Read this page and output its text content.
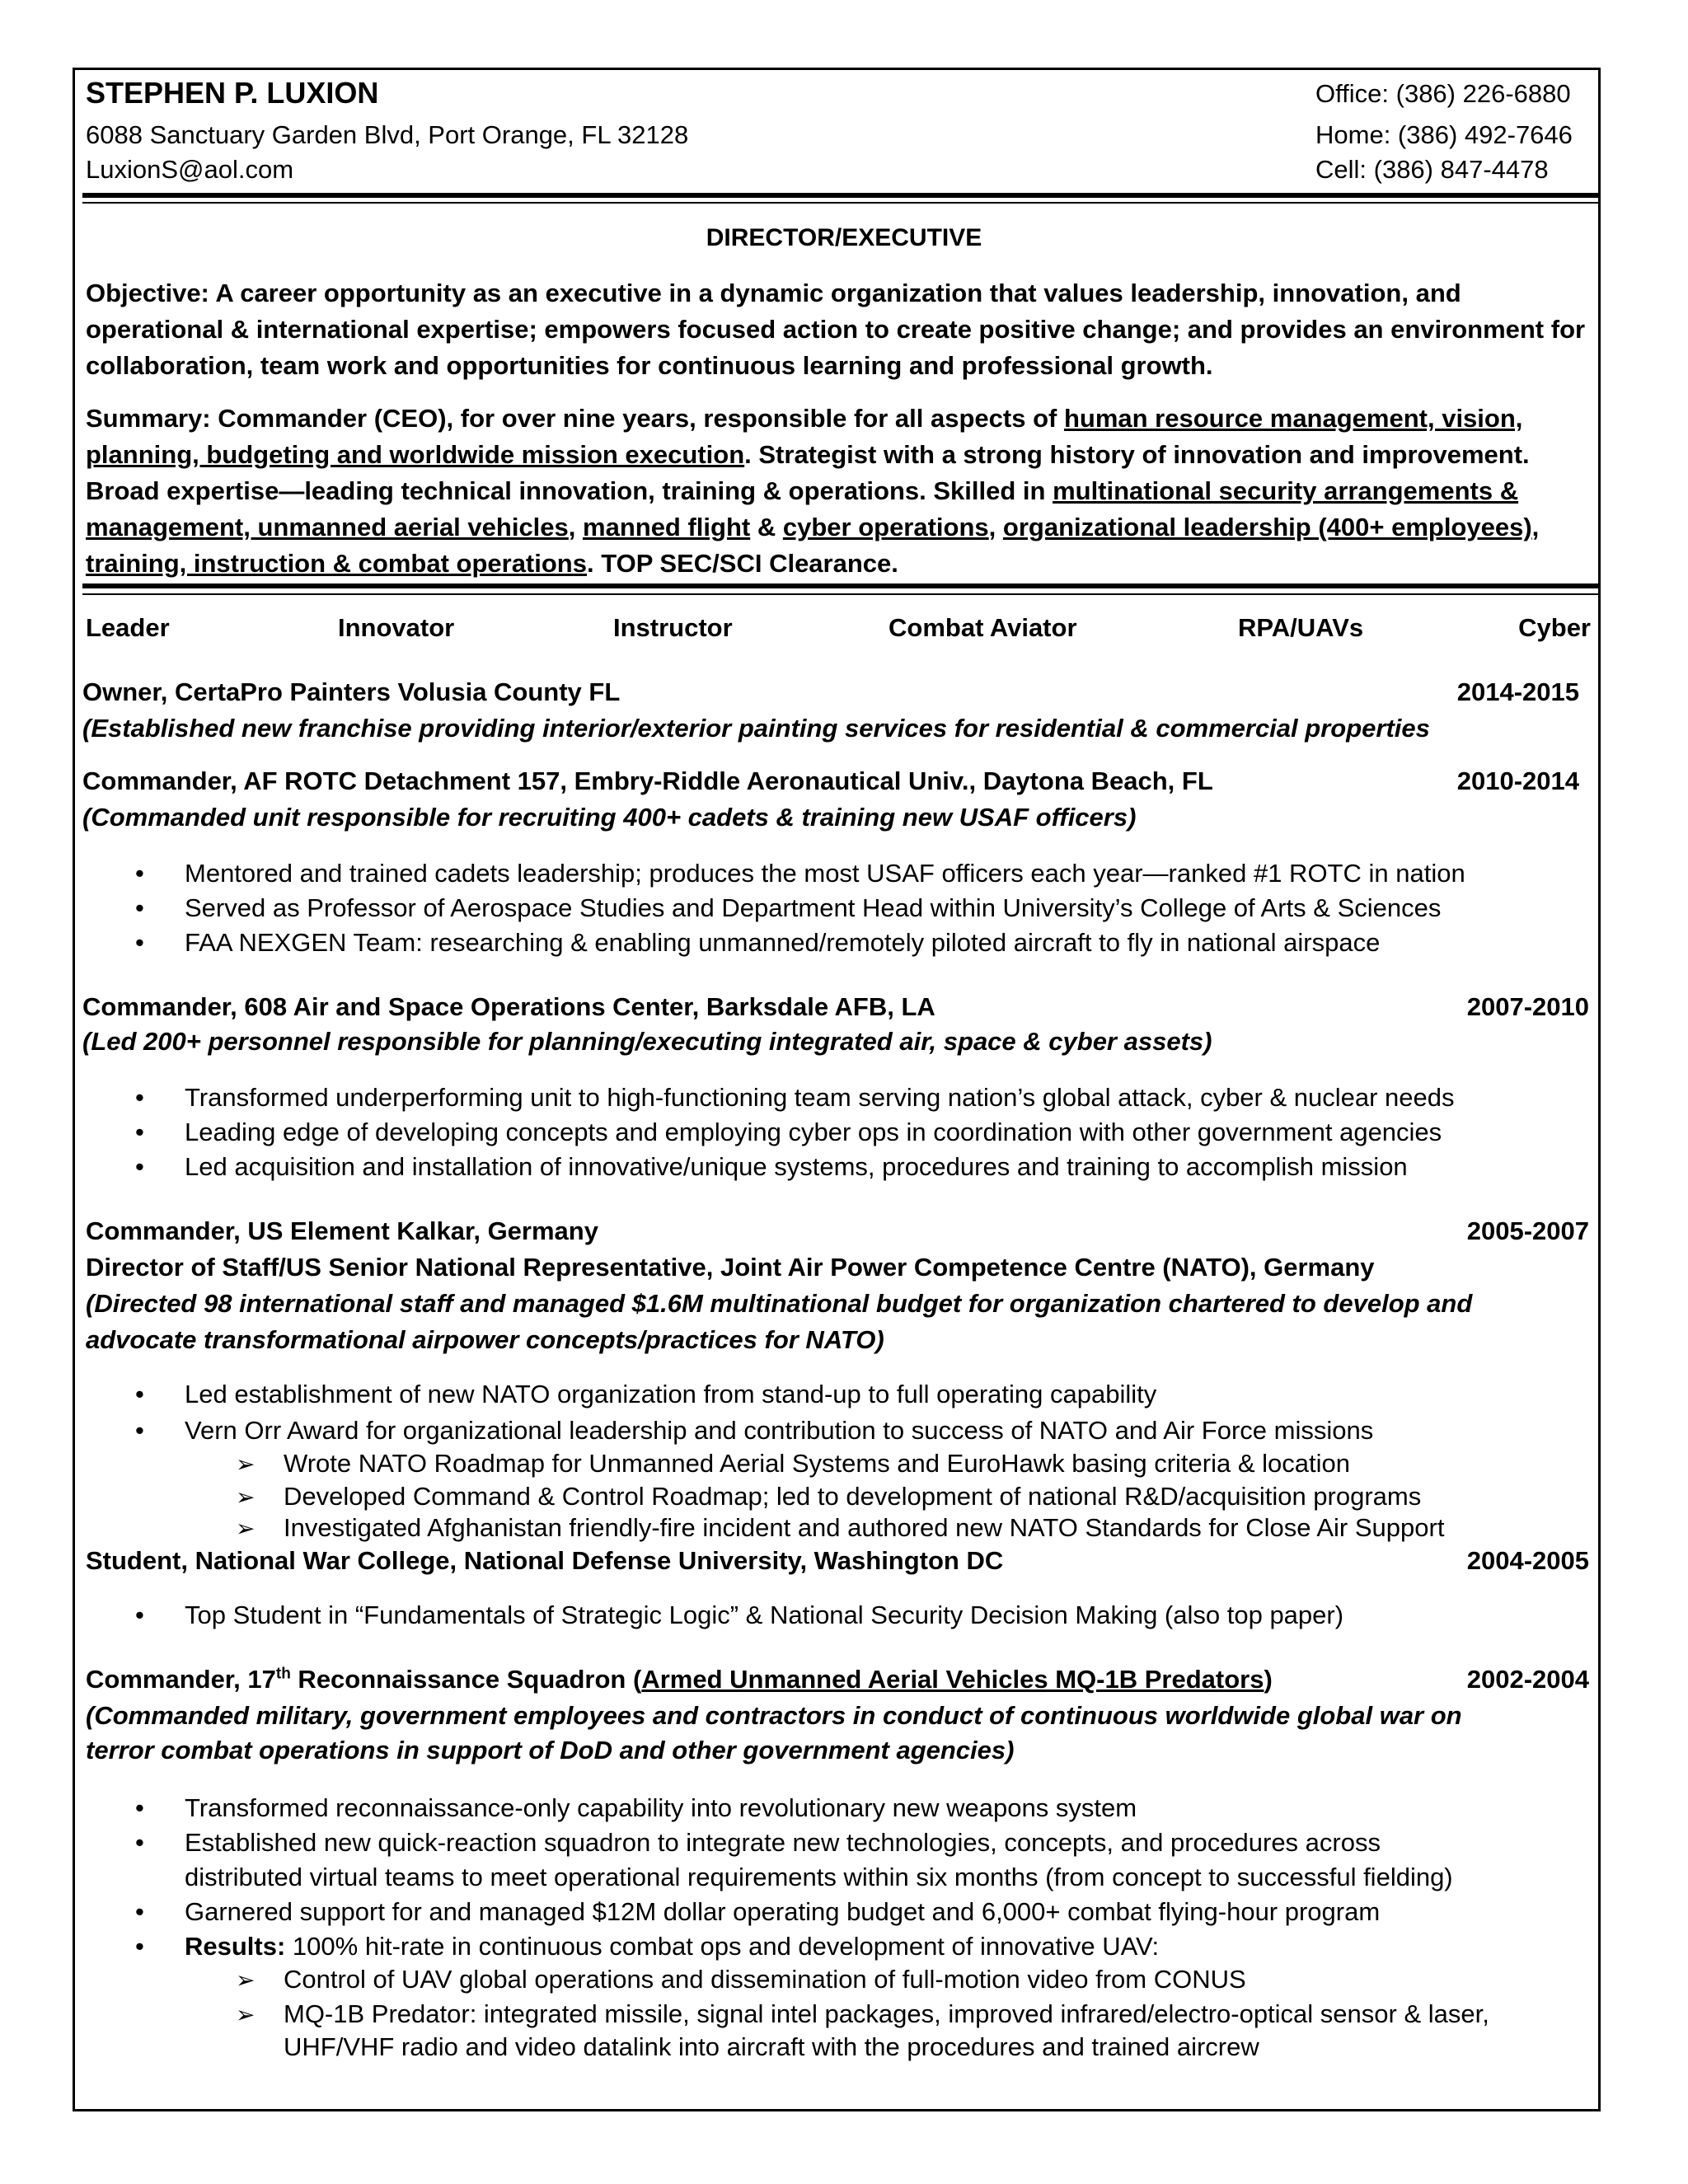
STEPHEN P. LUXION
6088 Sanctuary Garden Blvd, Port Orange, FL 32128
LuxionS@aol.com
Office: (386) 226-6880
Home: (386) 492-7646
Cell: (386) 847-4478
DIRECTOR/EXECUTIVE
Objective: A career opportunity as an executive in a dynamic organization that values leadership, innovation, and operational & international expertise; empowers focused action to create positive change; and provides an environment for collaboration, team work and opportunities for continuous learning and professional growth.
Summary: Commander (CEO), for over nine years, responsible for all aspects of human resource management, vision, planning, budgeting and worldwide mission execution. Strategist with a strong history of innovation and improvement. Broad expertise—leading technical innovation, training & operations. Skilled in multinational security arrangements & management, unmanned aerial vehicles, manned flight & cyber operations, organizational leadership (400+ employees), training, instruction & combat operations. TOP SEC/SCI Clearance.
Leader	Innovator	Instructor	Combat Aviator	RPA/UAVs	Cyber
Owner, CertaPro Painters Volusia County FL	2014-2015
(Established new franchise providing interior/exterior painting services for residential & commercial properties
Commander, AF ROTC Detachment 157, Embry-Riddle Aeronautical Univ., Daytona Beach, FL	2010-2014
(Commanded unit responsible for recruiting 400+ cadets & training new USAF officers)
• Mentored and trained cadets leadership; produces the most USAF officers each year—ranked #1 ROTC in nation
• Served as Professor of Aerospace Studies and Department Head within University’s College of Arts & Sciences
• FAA NEXGEN Team: researching & enabling unmanned/remotely piloted aircraft to fly in national airspace
Commander, 608 Air and Space Operations Center, Barksdale AFB, LA	2007-2010
(Led 200+ personnel responsible for planning/executing integrated air, space & cyber assets)
• Transformed underperforming unit to high-functioning team serving nation’s global attack, cyber & nuclear needs
• Leading edge of developing concepts and employing cyber ops in coordination with other government agencies
• Led acquisition and installation of innovative/unique systems, procedures and training to accomplish mission
Commander, US Element Kalkar, Germany	2005-2007
Director of Staff/US Senior National Representative, Joint Air Power Competence Centre (NATO), Germany
(Directed 98 international staff and managed $1.6M multinational budget for organization chartered to develop and
advocate transformational airpower concepts/practices for NATO)
• Led establishment of new NATO organization from stand-up to full operating capability
• Vern Orr Award for organizational leadership and contribution to success of NATO and Air Force missions
➢ Wrote NATO Roadmap for Unmanned Aerial Systems and EuroHawk basing criteria & location
➢ Developed Command & Control Roadmap; led to development of national R&D/acquisition programs
➢ Investigated Afghanistan friendly-fire incident and authored new NATO Standards for Close Air Support
Student, National War College, National Defense University, Washington DC	2004-2005
• Top Student in “Fundamentals of Strategic Logic” & National Security Decision Making (also top paper)
Commander, 17th Reconnaissance Squadron (Armed Unmanned Aerial Vehicles MQ-1B Predators)	2002-2004
(Commanded military, government employees and contractors in conduct of continuous worldwide global war on
terror combat operations in support of DoD and other government agencies)
• Transformed reconnaissance-only capability into revolutionary new weapons system
• Established new quick-reaction squadron to integrate new technologies, concepts, and procedures across
distributed virtual teams to meet operational requirements within six months (from concept to successful fielding)
• Garnered support for and managed $12M dollar operating budget and 6,000+ combat flying-hour program
• Results: 100% hit-rate in continuous combat ops and development of innovative UAV:
➢ Control of UAV global operations and dissemination of full-motion video from CONUS
➢ MQ-1B Predator: integrated missile, signal intel packages, improved infrared/electro-optical sensor & laser,
UHF/VHF radio and video datalink into aircraft with the procedures and trained aircrew
